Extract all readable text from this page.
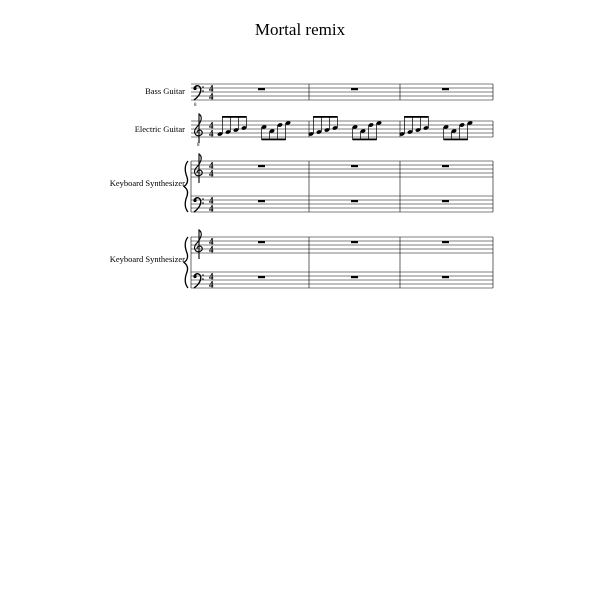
Mortal remix
Bass Guitar
Electric Guitar
Keyboard Synthesizer
Keyboard Synthesizer
8
4
4
8
4
4
4
4
4
4
4
4
4
4
